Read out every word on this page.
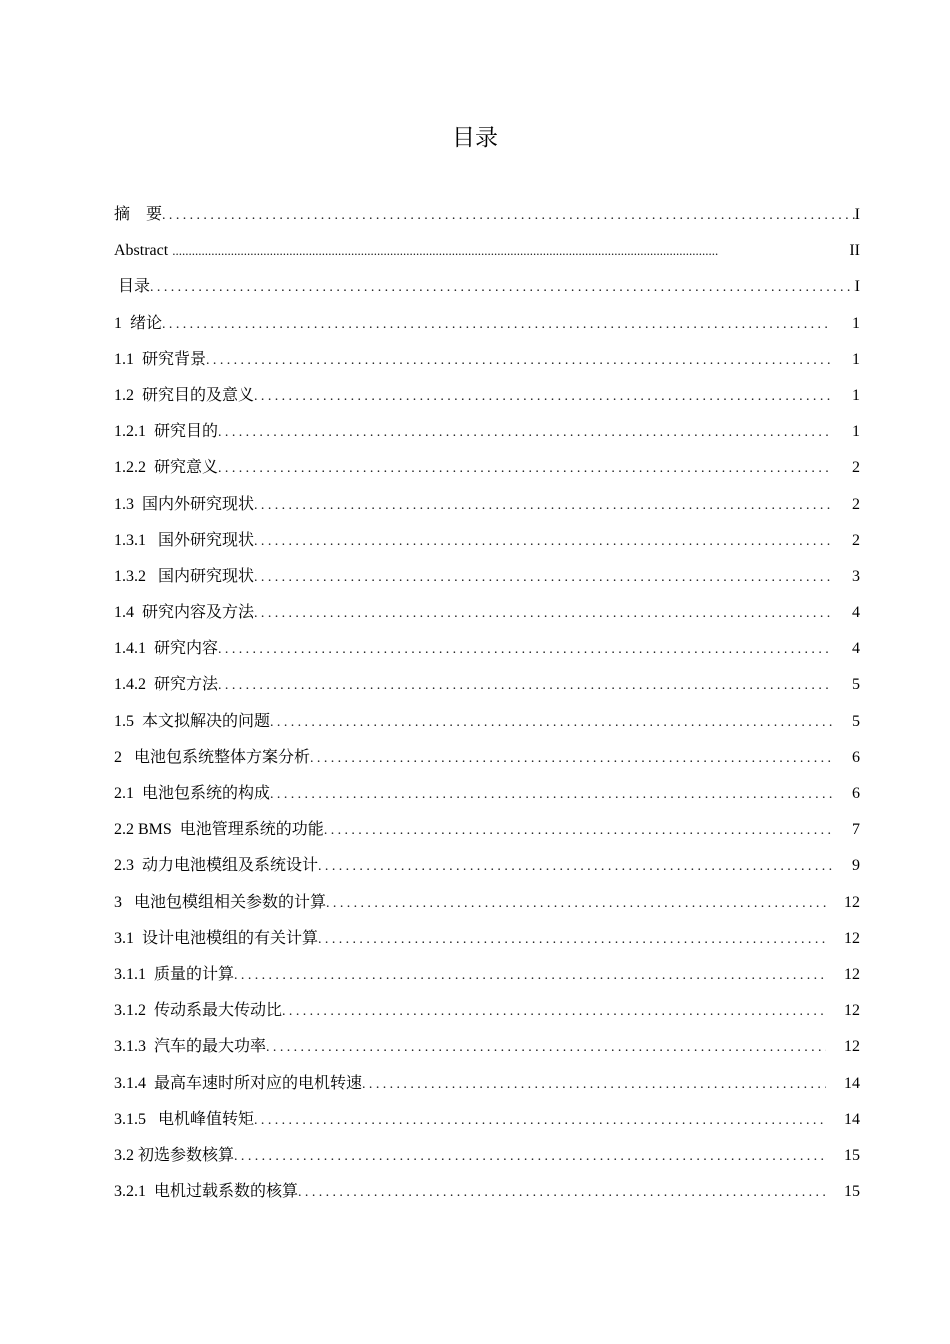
目录
摘    要 .....	I
Abstract .....	II
目录 .....	I
1  绪论 .....	1
1.1  研究背景 .....	1
1.2  研究目的及意义 .....	1
1.2.1  研究目的 .....	1
1.2.2  研究意义 .....	2
1.3  国内外研究现状 .....	2
1.3.1   国外研究现状 .....	2
1.3.2   国内研究现状 .....	3
1.4  研究内容及方法 .....	4
1.4.1  研究内容 .....	4
1.4.2  研究方法 .....	5
1.5  本文拟解决的问题 .....	5
2   电池包系统整体方案分析 .....	6
2.1  电池包系统的构成 .....	6
2.2 BMS  电池管理系统的功能 .....	7
2.3  动力电池模组及系统设计 .....	9
3   电池包模组相关参数的计算 .....	12
3.1  设计电池模组的有关计算 .....	12
3.1.1  质量的计算 .....	12
3.1.2  传动系最大传动比 .....	12
3.1.3  汽车的最大功率 .....	12
3.1.4  最高车速时所对应的电机转速 .....	14
3.1.5   电机峰值转矩 .....	14
3.2 初选参数核算 .....	15
3.2.1  电机过载系数的核算 .....	15
